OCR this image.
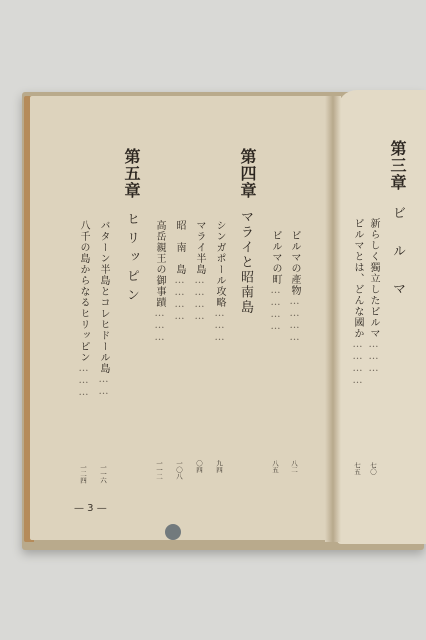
第三章
ビ　ル　マ
新らしく獨立したビルマ………
七〇
ビルマとは、どんな國か…………
七五
ビルマの產物…………
八二
ビルマの町…………
八五
第四章
マライと昭南島
シンガポール攻略………
九四
マライ半島…………
〇四
昭　南　島…………
一〇八
高岳親王の御事蹟………
一一二
第五章
ヒリッピン
バターン半島とコレヒドール島……
一一六
八千の島からなるヒリッピン………
一二四
— 3 —
